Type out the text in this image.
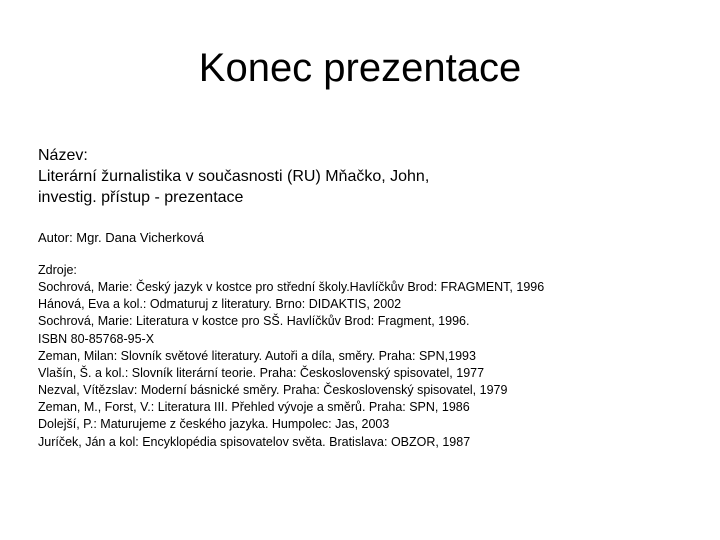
Konec prezentace
Název:
Literární žurnalistika v současnosti (RU) Mňačko, John,
investig. přístup - prezentace
Autor: Mgr. Dana Vicherková
Zdroje:
Sochrová, Marie: Český jazyk v kostce pro střední školy.Havlíčkův Brod: FRAGMENT, 1996
Hánová, Eva a kol.: Odmaturuj z literatury. Brno: DIDAKTIS, 2002
Sochrová, Marie: Literatura v kostce pro SŠ. Havlíčkův Brod: Fragment, 1996.
ISBN 80-85768-95-X
Zeman, Milan: Slovník světové literatury. Autoři a díla, směry. Praha: SPN,1993
Vlašín, Š. a kol.: Slovník literární teorie. Praha: Československý spisovatel, 1977
Nezval, Vítězslav: Moderní básnické směry. Praha: Československý spisovatel, 1979
Zeman, M., Forst, V.: Literatura III. Přehled vývoje a směrů. Praha: SPN, 1986
Dolejší, P.: Maturujeme z českého jazyka. Humpolec: Jas, 2003
Juríček, Ján a kol: Encyklopédia spisovatelov světa. Bratislava: OBZOR, 1987
